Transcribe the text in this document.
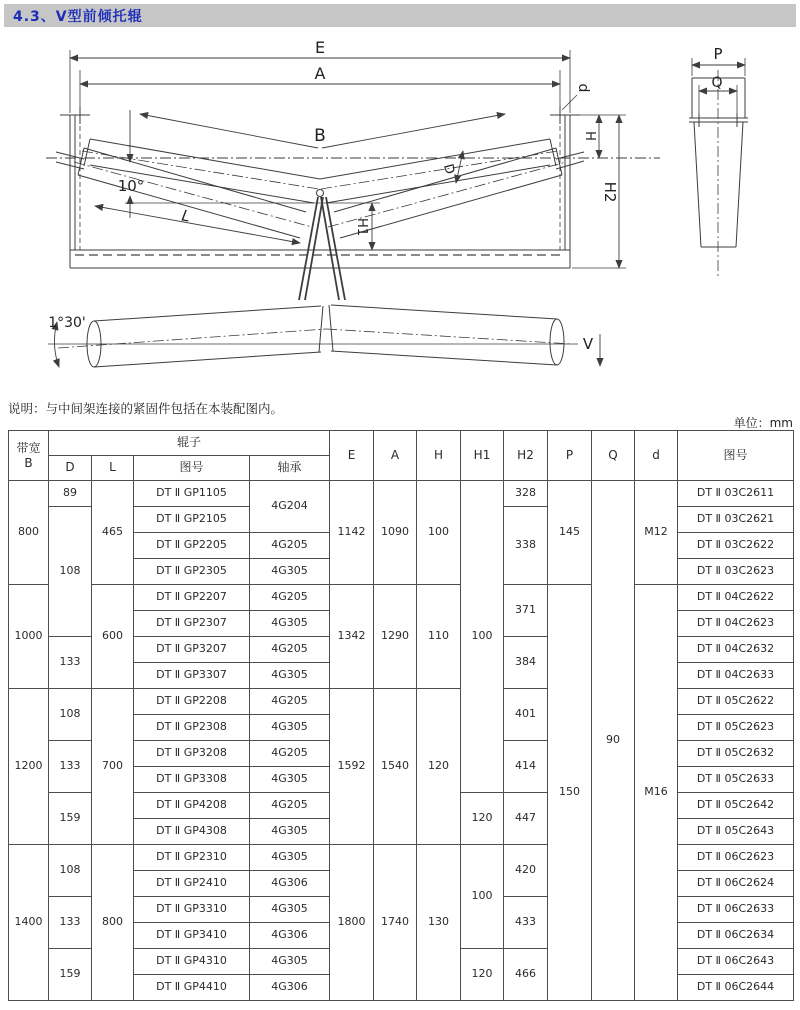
4.3、V型前倾托辊
E
A
B
10°
L
H1
d
H
H2
D
P
Q
1°30'
V
说明：与中间架连接的紧固件包括在本装配图内。
单位：mm
带宽
B	辊子				E	A	H	H1	H2	P	Q	d	图号
	D	L	图号	轴承									
800	89	465	DT Ⅱ GP1105	4G204	1142	1090	100	100	328	145	90	M12	DT Ⅱ 03C2611
	108		DT Ⅱ GP2105						338				DT Ⅱ 03C2621
			DT Ⅱ GP2205	4G205									DT Ⅱ 03C2622
			DT Ⅱ GP2305	4G305									DT Ⅱ 03C2623
1000		600	DT Ⅱ GP2207	4G205	1342	1290	110		371	150		M16	DT Ⅱ 04C2622
			DT Ⅱ GP2307	4G305									DT Ⅱ 04C2623
	133		DT Ⅱ GP3207	4G205					384				DT Ⅱ 04C2632
			DT Ⅱ GP3307	4G305									DT Ⅱ 04C2633
1200	108	700	DT Ⅱ GP2208	4G205	1592	1540	120		401				DT Ⅱ 05C2622
			DT Ⅱ GP2308	4G305									DT Ⅱ 05C2623
	133		DT Ⅱ GP3208	4G205					414				DT Ⅱ 05C2632
			DT Ⅱ GP3308	4G305									DT Ⅱ 05C2633
	159		DT Ⅱ GP4208	4G205				120	447				DT Ⅱ 05C2642
			DT Ⅱ GP4308	4G305									DT Ⅱ 05C2643
1400	108	800	DT Ⅱ GP2310	4G305	1800	1740	130	100	420				DT Ⅱ 06C2623
			DT Ⅱ GP2410	4G306									DT Ⅱ 06C2624
	133		DT Ⅱ GP3310	4G305					433				DT Ⅱ 06C2633
			DT Ⅱ GP3410	4G306									DT Ⅱ 06C2634
	159		DT Ⅱ GP4310	4G305				120	466				DT Ⅱ 06C2643
			DT Ⅱ GP4410	4G306									DT Ⅱ 06C2644
